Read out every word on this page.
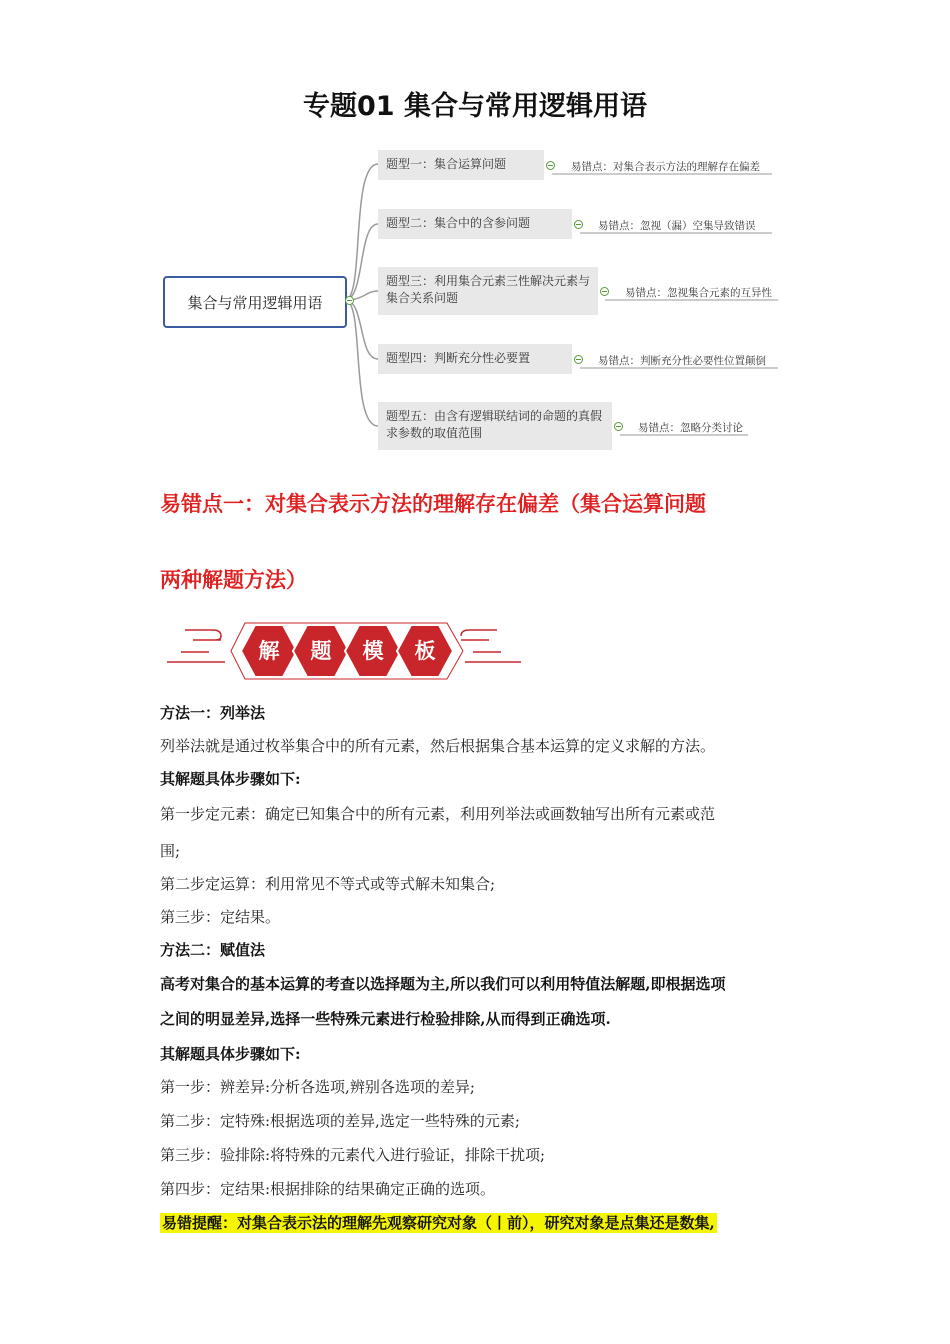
专题01 集合与常用逻辑用语
集合与常用逻辑用语
题型一：集合运算问题	易错点：对集合表示方法的理解存在偏差
题型二：集合中的含参问题	易错点：忽视（漏）空集导致错误
题型三：利用集合元素三性解决元素与集合关系问题	易错点：忽视集合元素的互异性
题型四：判断充分性必要置	易错点：判断充分性必要性位置颠倒
题型五：由含有逻辑联结词的命题的真假求参数的取值范围	易错点：忽略分类讨论
易错点一：对集合表示方法的理解存在偏差（集合运算问题
两种解题方法）
解	题	模	板
方法一：列举法
列举法就是通过枚举集合中的所有元素，然后根据集合基本运算的定义求解的方法。
其解题具体步骤如下:
第一步定元素：确定已知集合中的所有元素，利用列举法或画数轴写出所有元素或范
围;
第二步定运算：利用常见不等式或等式解未知集合;
第三步：定结果。
方法二：赋值法
高考对集合的基本运算的考查以选择题为主,所以我们可以利用特值法解题,即根据选项
之间的明显差异,选择一些特殊元素进行检验排除,从而得到正确选项.
其解题具体步骤如下:
第一步：辨差异:分析各选项,辨别各选项的差异;
第二步：定特殊:根据选项的差异,选定一些特殊的元素;
第三步：验排除:将特殊的元素代入进行验证，排除干扰项;
第四步：定结果:根据排除的结果确定正确的选项。
易错提醒：对集合表示法的理解先观察研究对象（丨前），研究对象是点集还是数集,
